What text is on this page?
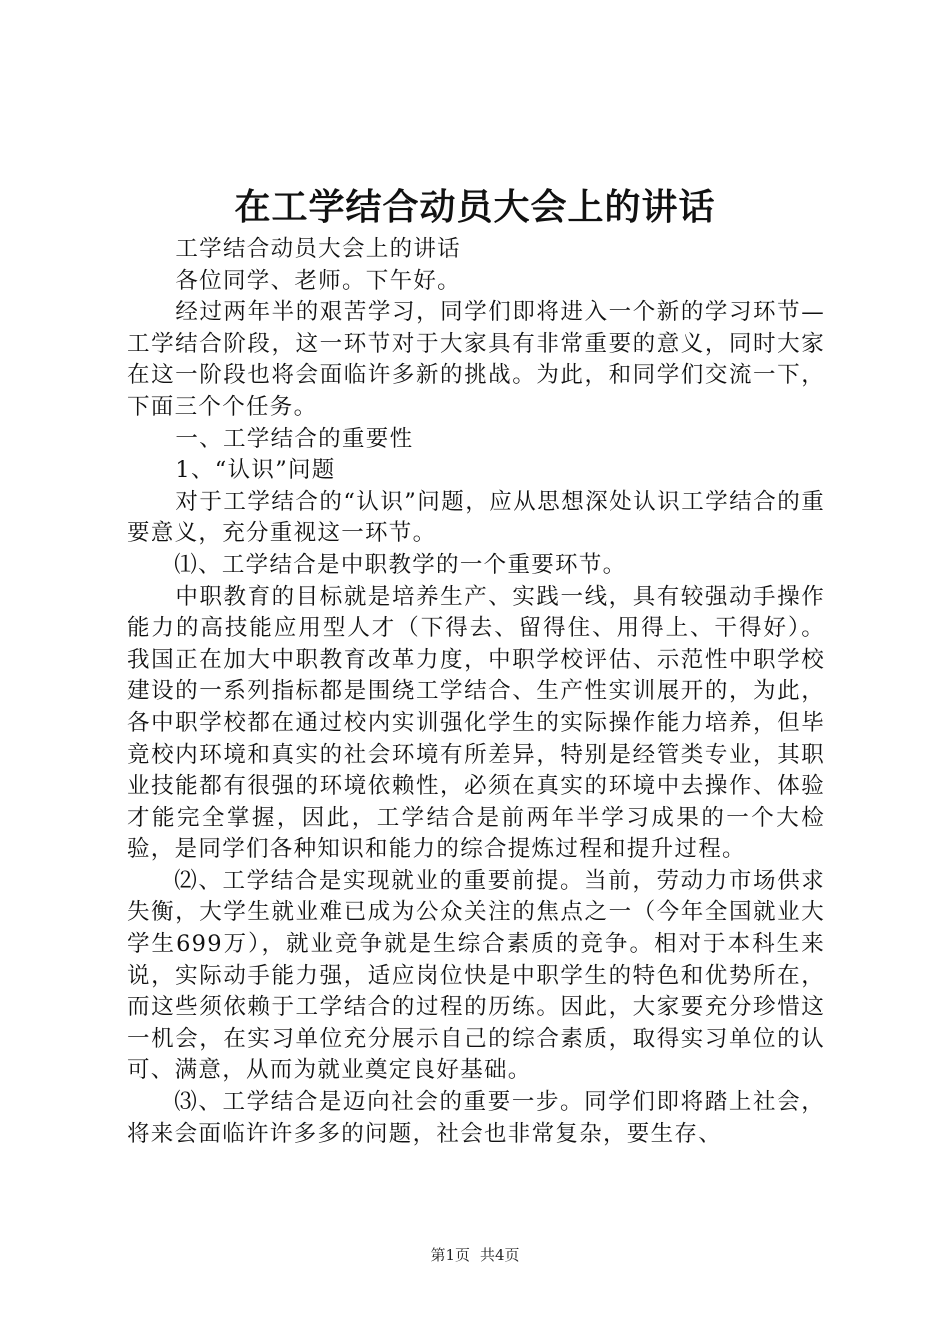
在工学结合动员大会上的讲话

工学结合动员大会上的讲话

各位同学、老师。下午好。

经过两年半的艰苦学习，同学们即将进入一个新的学习环节—工学结合阶段，这一环节对于大家具有非常重要的意义，同时大家在这一阶段也将会面临许多新的挑战。为此，和同学们交流一下，下面三个个任务。

一、工学结合的重要性

1、“认识”问题

对于工学结合的“认识”问题，应从思想深处认识工学结合的重要意义，充分重视这一环节。

⑴、工学结合是中职教学的一个重要环节。

中职教育的目标就是培养生产、实践一线，具有较强动手操作能力的高技能应用型人才（下得去、留得住、用得上、干得好）。我国正在加大中职教育改革力度，中职学校评估、示范性中职学校建设的一系列指标都是围绕工学结合、生产性实训展开的，为此，各中职学校都在通过校内实训强化学生的实际操作能力培养，但毕竟校内环境和真实的社会环境有所差异，特别是经管类专业，其职业技能都有很强的环境依赖性，必须在真实的环境中去操作、体验才能完全掌握，因此，工学结合是前两年半学习成果的一个大检验，是同学们各种知识和能力的综合提炼过程和提升过程。

⑵、工学结合是实现就业的重要前提。当前，劳动力市场供求失衡，大学生就业难已成为公众关注的焦点之一（今年全国就业大学生699万），就业竞争就是生综合素质的竞争。相对于本科生来说，实际动手能力强，适应岗位快是中职学生的特色和优势所在，而这些须依赖于工学结合的过程的历练。因此，大家要充分珍惜这一机会，在实习单位充分展示自己的综合素质，取得实习单位的认可、满意，从而为就业奠定良好基础。

⑶、工学结合是迈向社会的重要一步。同学们即将踏上社会，将来会面临许许多多的问题，社会也非常复杂，要生存、

第1页 共4页
